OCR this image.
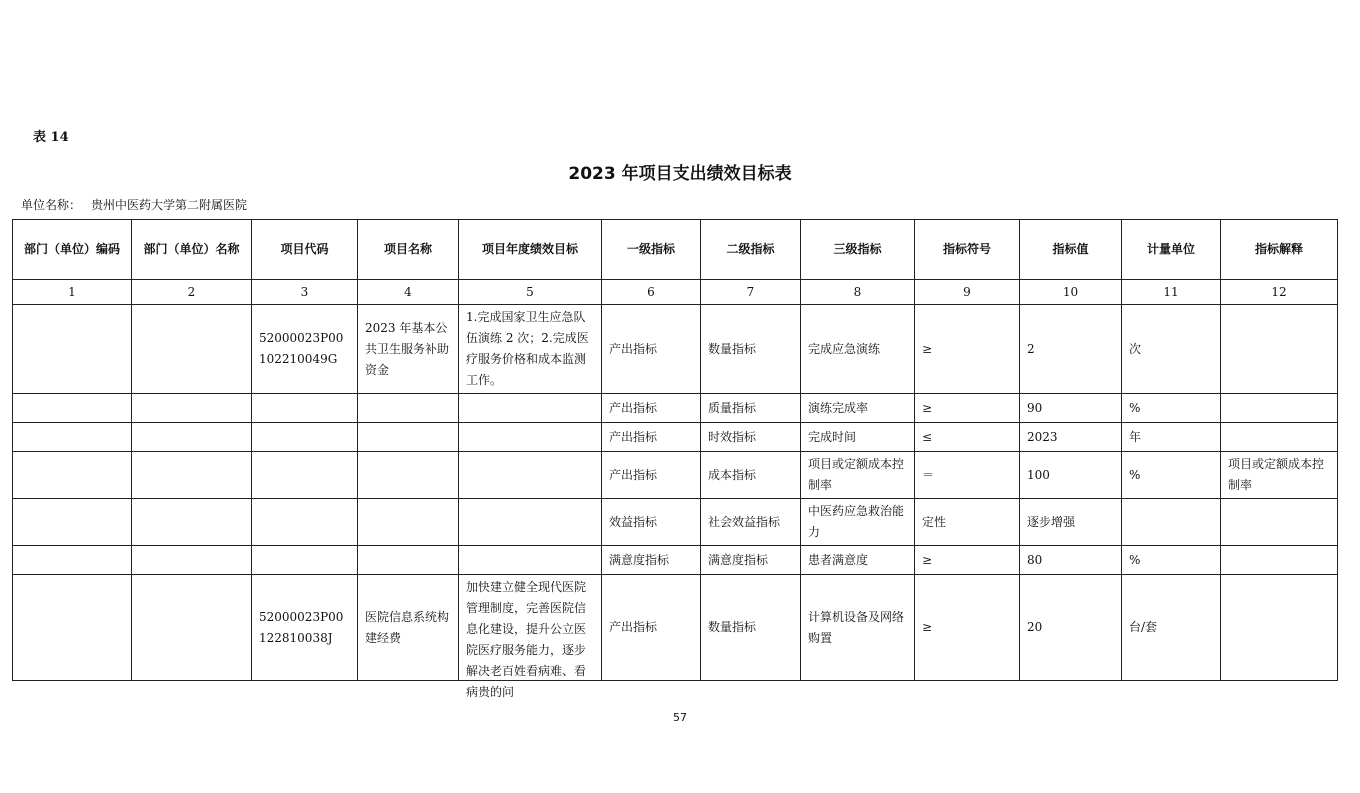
表 14
2023 年项目支出绩效目标表
单位名称： 贵州中医药大学第二附属医院
部门（单位）编码	部门（单位）名称	项目代码	项目名称	项目年度绩效目标	一级指标	二级指标	三级指标	指标符号	指标值	计量单位	指标解释
1	2	3	4	5	6	7	8	9	10	11	12
		52000023P00102210049G	2023 年基本公共卫生服务补助资金	1.完成国家卫生应急队伍演练 2 次；2.完成医疗服务价格和成本监测工作。	产出指标	数量指标	完成应急演练	≥	2	次	
					产出指标	质量指标	演练完成率	≥	90	%	
					产出指标	时效指标	完成时间	≤	2023	年	
					产出指标	成本指标	项目或定额成本控制率	＝	100	%	项目或定额成本控制率
					效益指标	社会效益指标	中医药应急救治能力	定性	逐步增强		
					满意度指标	满意度指标	患者满意度	≥	80	%	
		52000023P00122810038J	医院信息系统构建经费	加快建立健全现代医院管理制度，完善医院信息化建设，提升公立医院医疗服务能力，逐步解决老百姓看病难、看病贵的问	产出指标	数量指标	计算机设备及网络购置	≥	20	台/套	
57
